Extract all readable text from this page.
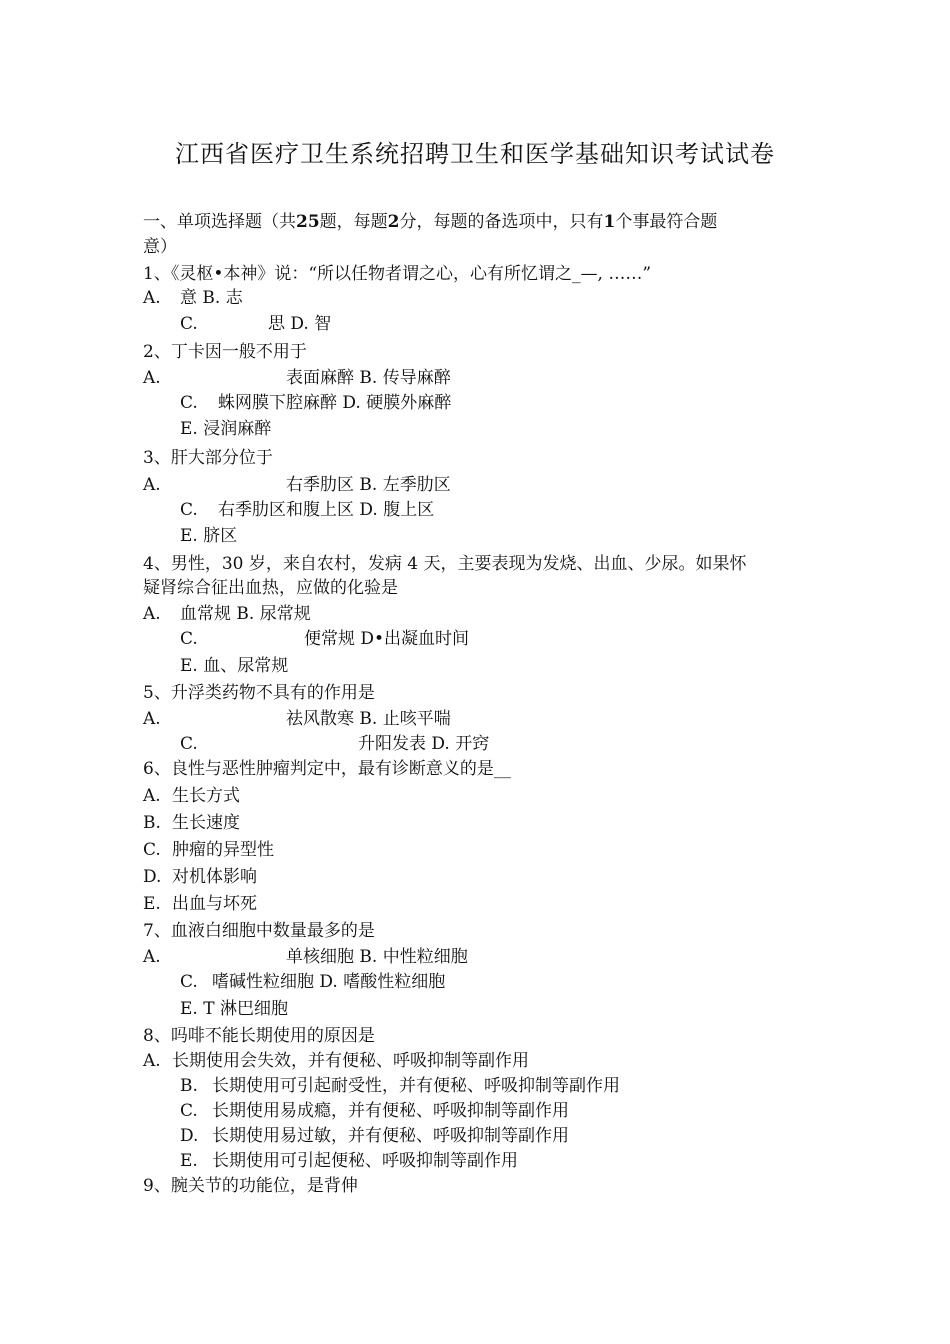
江西省医疗卫生系统招聘卫生和医学基础知识考试试卷
一、单项选择题（共25题，每题2分，每题的备选项中，只有1个事最符合题
意）
1、《灵枢•本神》说：“所以任物者谓之心，心有所忆谓之_—, ……”
A. 意 B. 志
C.	思 D. 智
2、丁卡因一般不用于
A.	表面麻醉 B. 传导麻醉
C. 蛛网膜下腔麻醉 D. 硬膜外麻醉
E. 浸润麻醉
3、肝大部分位于
A.	右季肋区 B. 左季肋区
C. 右季肋区和腹上区 D. 腹上区
E. 脐区
4、男性，30 岁，来自农村，发病 4 天，主要表现为发烧、出血、少尿。如果怀
疑肾综合征出血热，应做的化验是
A. 血常规 B. 尿常规
C.	便常规 D•出凝血时间
E. 血、尿常规
5、升浮类药物不具有的作用是
A.	祛风散寒 B. 止咳平喘
C.	升阳发表 D. 开窍
6、良性与恶性肿瘤判定中，最有诊断意义的是__
A. 生长方式
B. 生长速度
C. 肿瘤的异型性
D. 对机体影响
E. 出血与坏死
7、血液白细胞中数量最多的是
A.	单核细胞 B. 中性粒细胞
C. 嗜碱性粒细胞 D. 嗜酸性粒细胞
E. T 淋巴细胞
8、吗啡不能长期使用的原因是
A. 长期使用会失效，并有便秘、呼吸抑制等副作用
B. 长期使用可引起耐受性，并有便秘、呼吸抑制等副作用
C. 长期使用易成瘾，并有便秘、呼吸抑制等副作用
D. 长期使用易过敏，并有便秘、呼吸抑制等副作用
E. 长期使用可引起便秘、呼吸抑制等副作用
9、腕关节的功能位，是背伸
